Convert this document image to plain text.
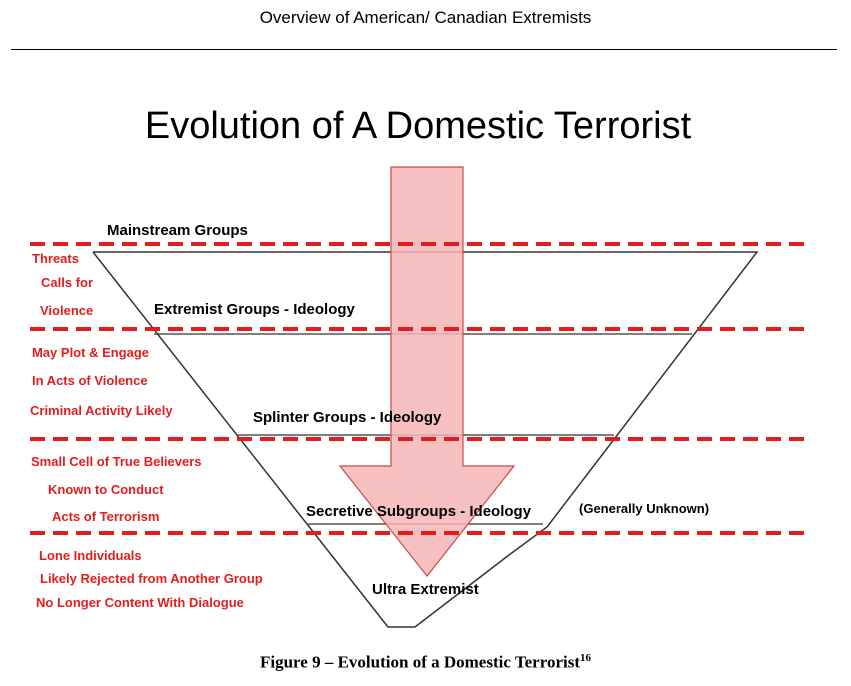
Overview of American/ Canadian Extremists
Evolution of A Domestic Terrorist
Mainstream Groups
Extremist Groups - Ideology
Splinter Groups - Ideology
Secretive Subgroups - Ideology
Ultra Extremist
(Generally Unknown)
Threats
Calls for
Violence
May Plot & Engage
In Acts of Violence
Criminal Activity Likely
Small Cell of True Believers
Known to Conduct
Acts of Terrorism
Lone Individuals
Likely Rejected from Another Group
No Longer Content With Dialogue
Figure 9 – Evolution of a Domestic Terrorist$^{16}$
